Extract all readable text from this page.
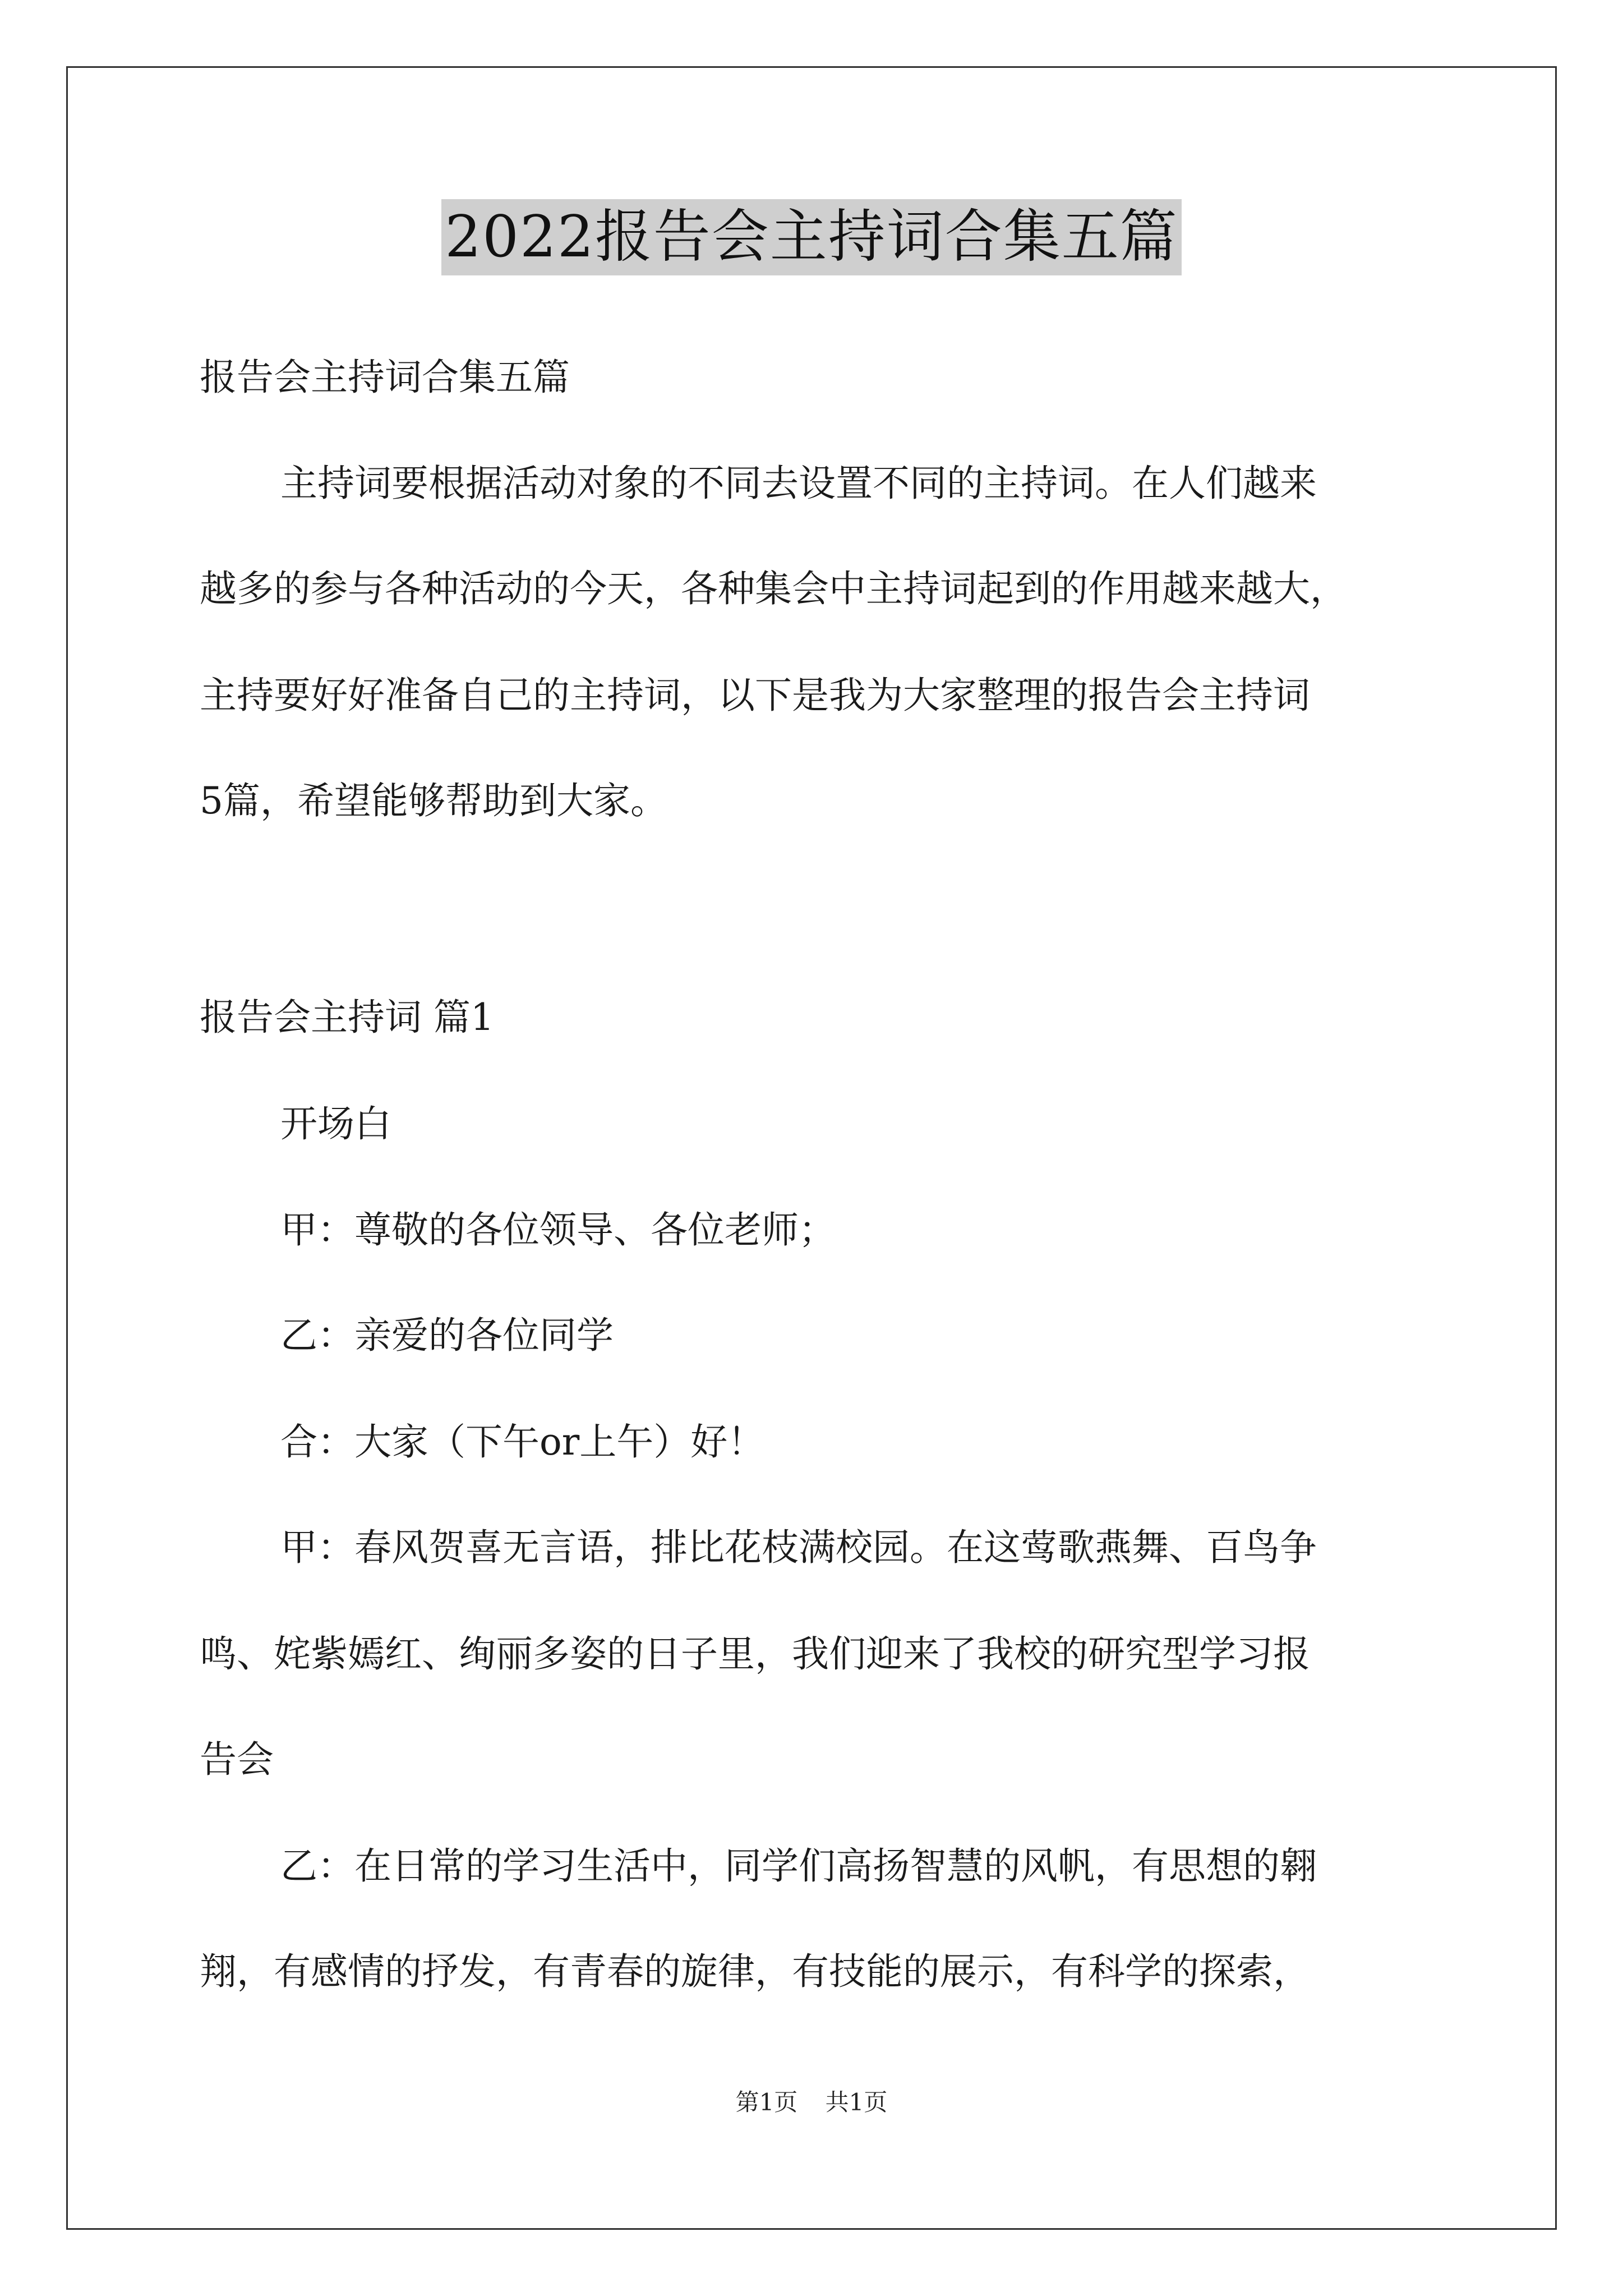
2022报告会主持词合集五篇
报告会主持词合集五篇
主持词要根据活动对象的不同去设置不同的主持词。在人们越来
越多的参与各种活动的今天，各种集会中主持词起到的作用越来越大，
主持要好好准备自己的主持词，以下是我为大家整理的报告会主持词
5篇，希望能够帮助到大家。
报告会主持词 篇1
开场白
甲：尊敬的各位领导、各位老师；
乙：亲爱的各位同学
合：大家（下午or上午）好！
甲：春风贺喜无言语，排比花枝满校园。在这莺歌燕舞、百鸟争
鸣、姹紫嫣红、绚丽多姿的日子里，我们迎来了我校的研究型学习报
告会
乙：在日常的学习生活中，同学们高扬智慧的风帆，有思想的翱
翔，有感情的抒发，有青春的旋律，有技能的展示，有科学的探索，
第1页 共1页
